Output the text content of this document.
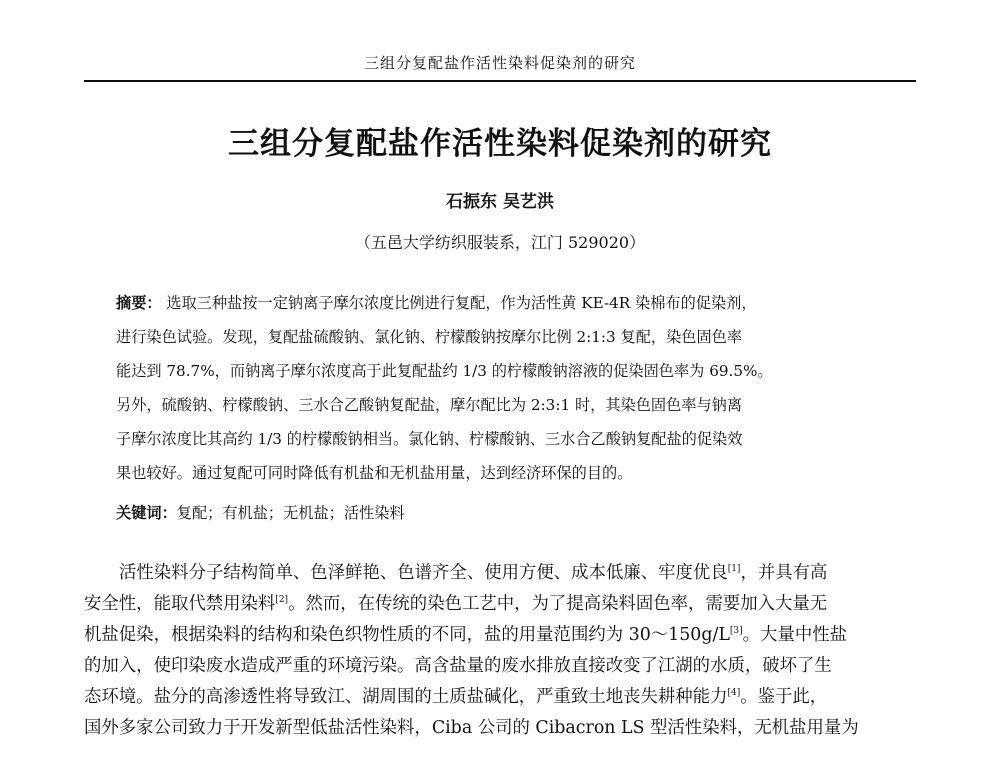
三组分复配盐作活性染料促染剂的研究
三组分复配盐作活性染料促染剂的研究
石振东 吴艺洪
（五邑大学纺织服装系，江门 529020）
摘要： 选取三种盐按一定钠离子摩尔浓度比例进行复配，作为活性黄 KE-4R 染棉布的促染剂，
进行染色试验。发现，复配盐硫酸钠、氯化钠、柠檬酸钠按摩尔比例 2:1:3 复配，染色固色率
能达到 78.7%，而钠离子摩尔浓度高于此复配盐约 1/3 的柠檬酸钠溶液的促染固色率为 69.5%。
另外，硫酸钠、柠檬酸钠、三水合乙酸钠复配盐，摩尔配比为 2:3:1 时，其染色固色率与钠离
子摩尔浓度比其高约 1/3 的柠檬酸钠相当。氯化钠、柠檬酸钠、三水合乙酸钠复配盐的促染效
果也较好。通过复配可同时降低有机盐和无机盐用量，达到经济环保的目的。
关键词：复配；有机盐；无机盐；活性染料
活性染料分子结构简单、色泽鲜艳、色谱齐全、使用方便、成本低廉、牢度优良[1]，并具有高
安全性，能取代禁用染料[2]。然而，在传统的染色工艺中，为了提高染料固色率，需要加入大量无
机盐促染，根据染料的结构和染色织物性质的不同，盐的用量范围约为 30～150g/L[3]。大量中性盐
的加入，使印染废水造成严重的环境污染。高含盐量的废水排放直接改变了江湖的水质，破坏了生
态环境。盐分的高渗透性将导致江、湖周围的土质盐碱化，严重致土地丧失耕种能力[4]。鉴于此，
国外多家公司致力于开发新型低盐活性染料，Ciba 公司的 Cibacron LS 型活性染料，无机盐用量为
